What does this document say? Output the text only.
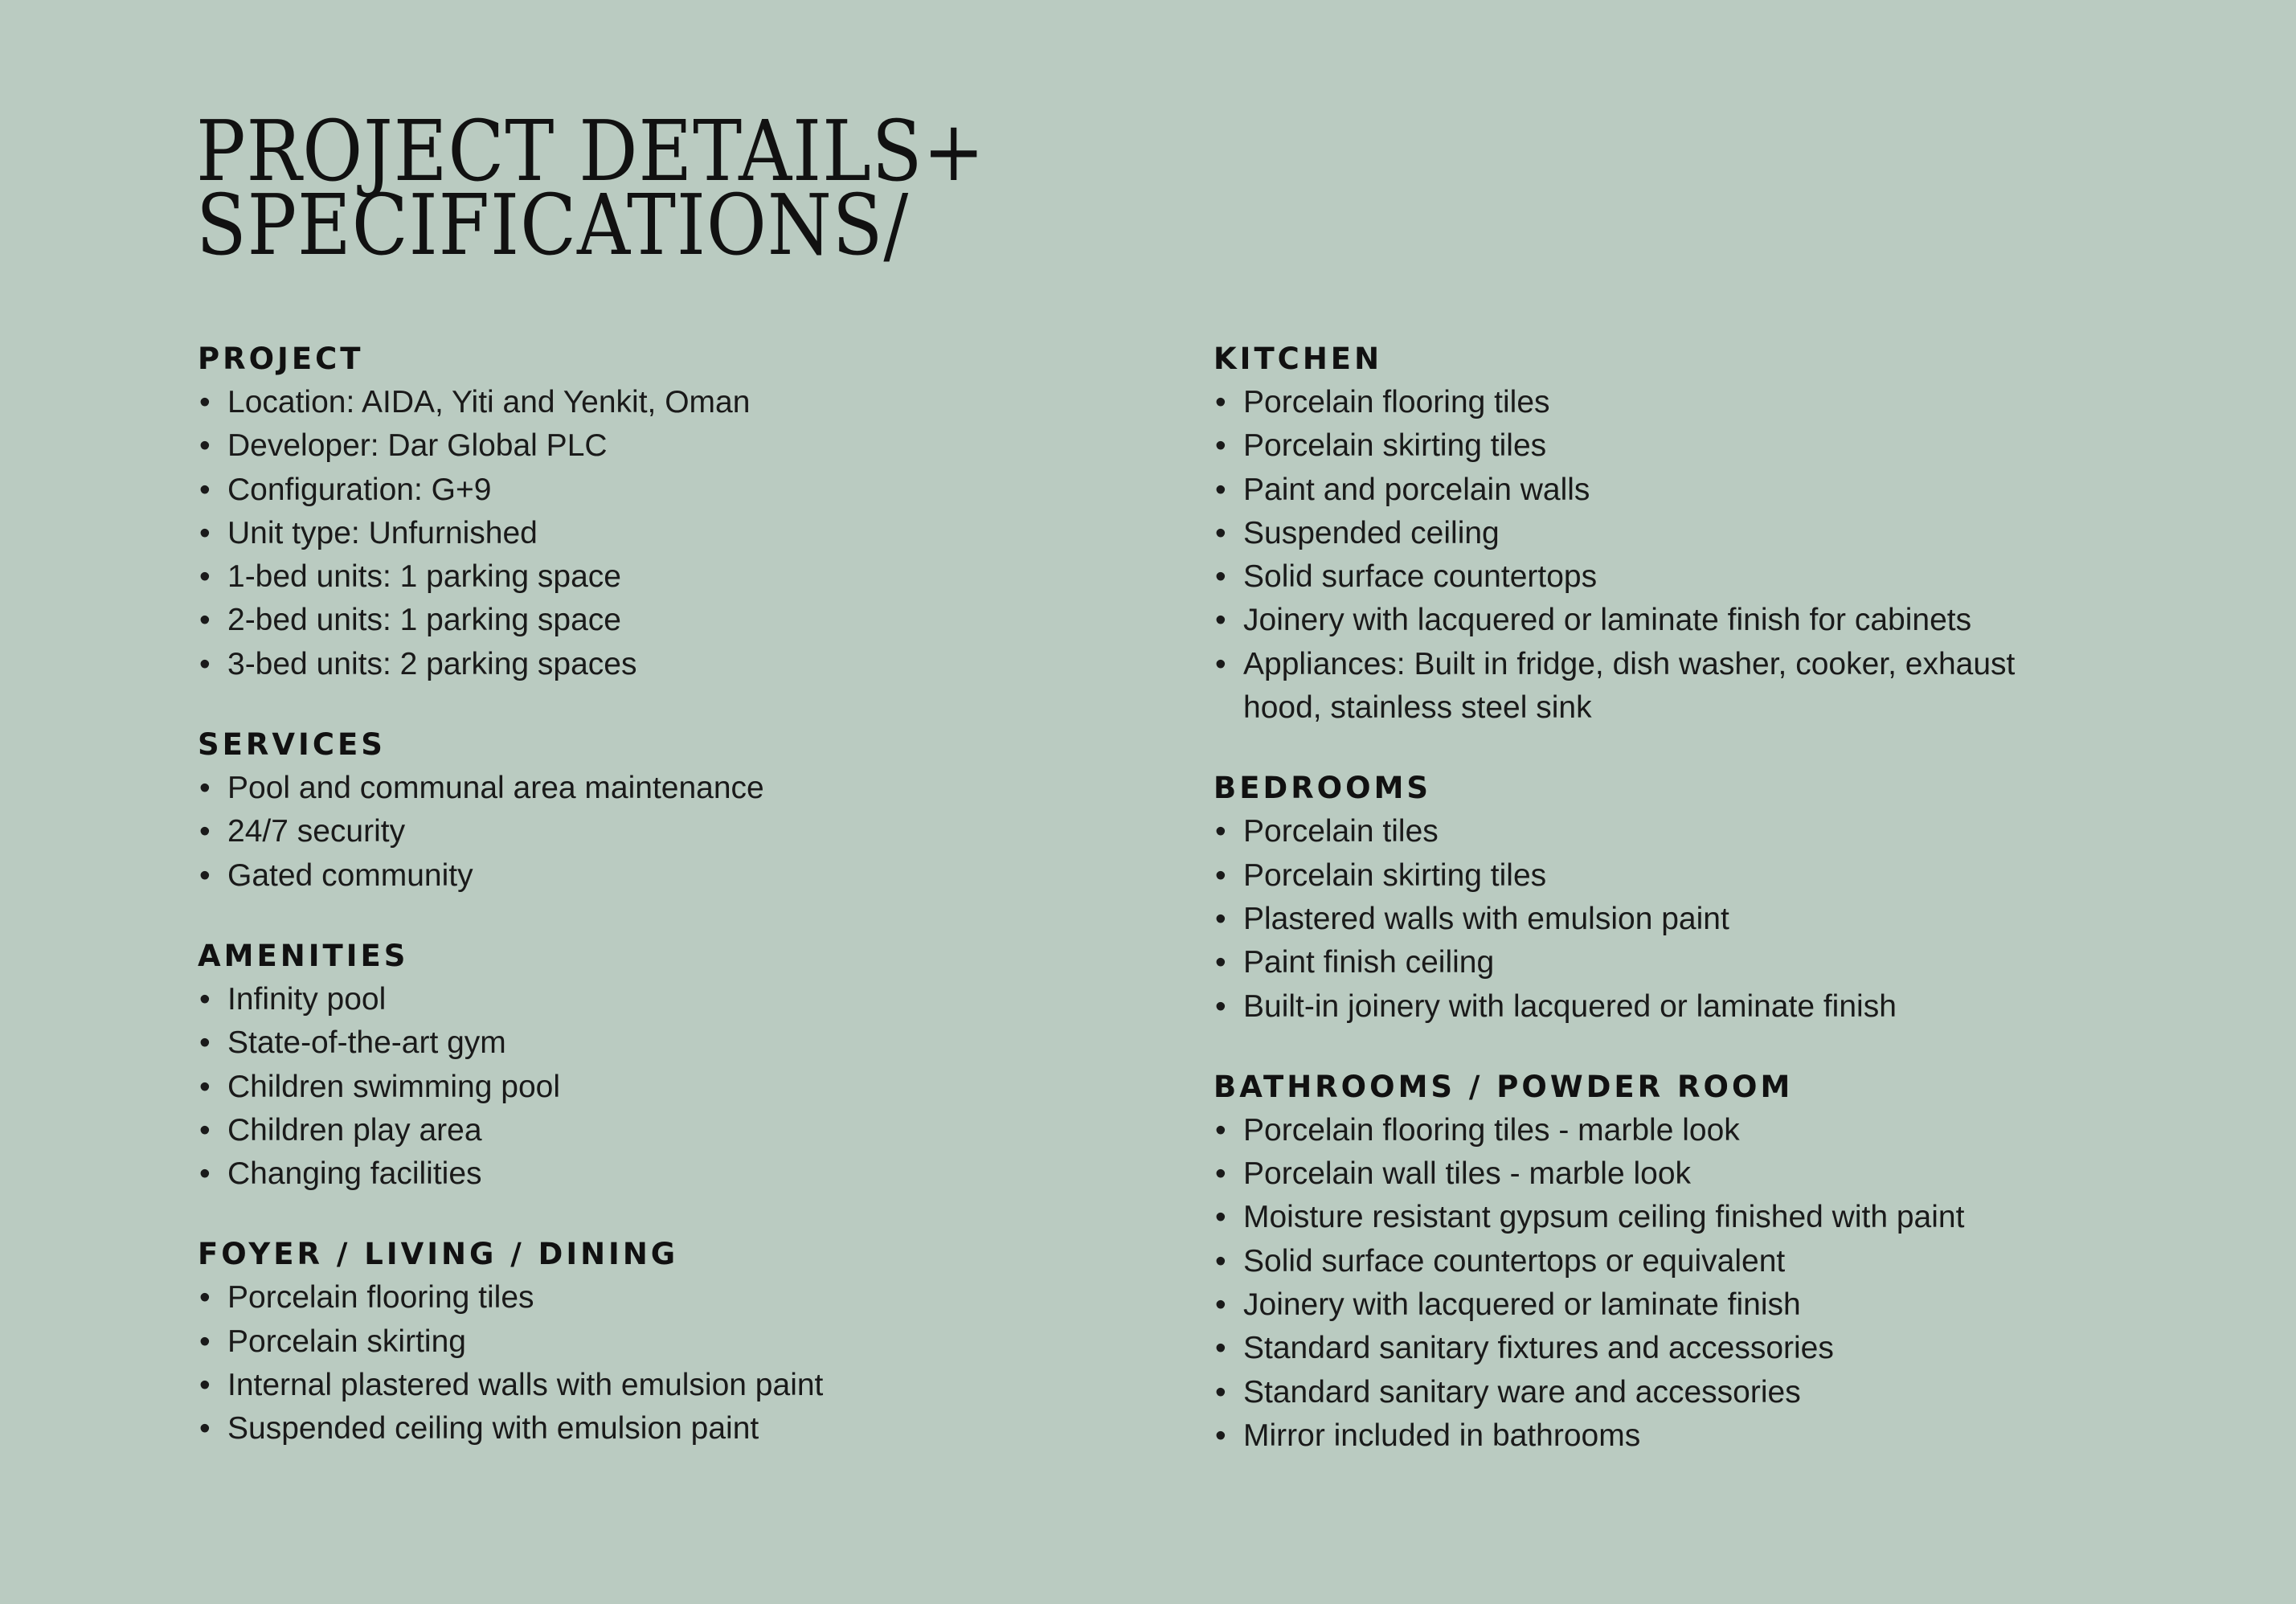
PROJECT DETAILS+
SPECIFICATIONS/
PROJECT
• Location: AIDA, Yiti and Yenkit, Oman
• Developer: Dar Global PLC
• Configuration: G+9
• Unit type: Unfurnished
• 1-bed units: 1 parking space
• 2-bed units: 1 parking space
• 3-bed units: 2 parking spaces
SERVICES
• Pool and communal area maintenance
• 24/7 security
• Gated community
AMENITIES
• Infinity pool
• State-of-the-art gym
• Children swimming pool
• Children play area
• Changing facilities
FOYER / LIVING / DINING
• Porcelain flooring tiles
• Porcelain skirting
• Internal plastered walls with emulsion paint
• Suspended ceiling with emulsion paint
KITCHEN
• Porcelain flooring tiles
• Porcelain skirting tiles
• Paint and porcelain walls
• Suspended ceiling
• Solid surface countertops
• Joinery with lacquered or laminate finish for cabinets
• Appliances: Built in fridge, dish washer, cooker, exhaust hood, stainless steel sink
BEDROOMS
• Porcelain tiles
• Porcelain skirting tiles
• Plastered walls with emulsion paint
• Paint finish ceiling
• Built-in joinery with lacquered or laminate finish
BATHROOMS / POWDER ROOM
• Porcelain flooring tiles - marble look
• Porcelain wall tiles - marble look
• Moisture resistant gypsum ceiling finished with paint
• Solid surface countertops or equivalent
• Joinery with lacquered or laminate finish
• Standard sanitary fixtures and accessories
• Standard sanitary ware and accessories
• Mirror included in bathrooms
